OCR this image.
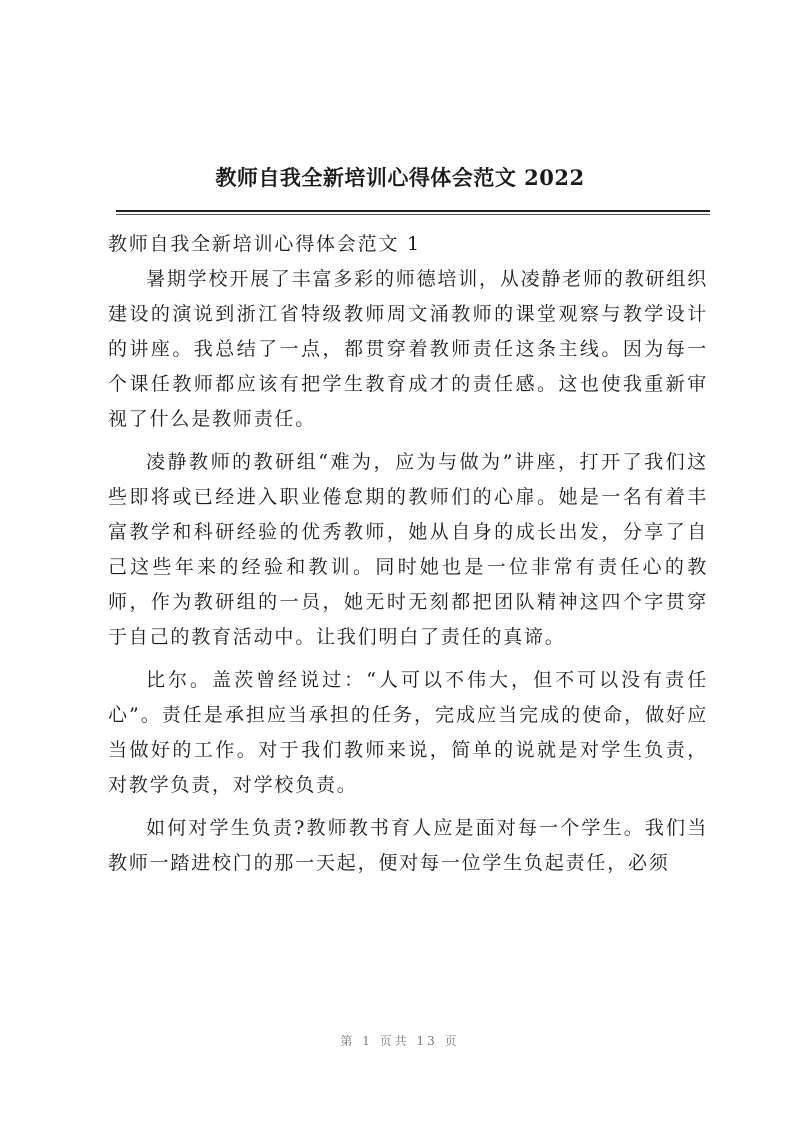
教师自我全新培训心得体会范文 2022

教师自我全新培训心得体会范文 1

暑期学校开展了丰富多彩的师德培训，从凌静老师的教研组织建设的演说到浙江省特级教师周文涌教师的课堂观察与教学设计的讲座。我总结了一点，都贯穿着教师责任这条主线。因为每一个课任教师都应该有把学生教育成才的责任感。这也使我重新审视了什么是教师责任。

凌静教师的教研组“难为，应为与做为”讲座，打开了我们这些即将或已经进入职业倦怠期的教师们的心扉。她是一名有着丰富教学和科研经验的优秀教师，她从自身的成长出发，分享了自己这些年来的经验和教训。同时她也是一位非常有责任心的教师，作为教研组的一员，她无时无刻都把团队精神这四个字贯穿于自己的教育活动中。让我们明白了责任的真谛。

比尔。盖茨曾经说过：“人可以不伟大，但不可以没有责任心”。责任是承担应当承担的任务，完成应当完成的使命，做好应当做好的工作。对于我们教师来说，简单的说就是对学生负责，对教学负责，对学校负责。

如何对学生负责?教师教书育人应是面对每一个学生。我们当教师一踏进校门的那一天起，便对每一位学生负起责任，必须

第 1 页共 13 页
